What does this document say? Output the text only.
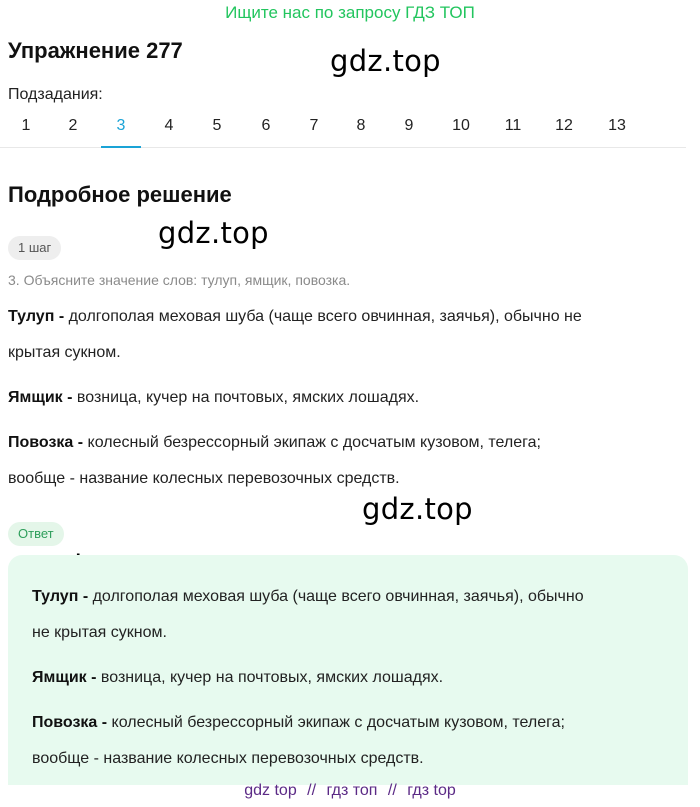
Ищите нас по запросу ГДЗ ТОП
Упражнение 277	gdz.top
gdz.top
gdz.top
Подзадания:
1	2	3	4	5	6	7	8	9	10	11	12	13
Подробное решение
1 шаг
3. Объясните значение слов: тулуп, ямщик, повозка.
Тулуп - долгополая меховая шуба (чаще всего овчинная, заячья), обычно не
крытая сукном.
Ямщик - возница, кучер на почтовых, ямских лошадях.
Повозка - колесный безрессорный экипаж с досчатым кузовом, телега;
вообще - название колесных перевозочных средств.
Ответ
Тулуп - долгополая меховая шуба (чаще всего овчинная, заячья), обычно
не крытая сукном.
Ямщик - возница, кучер на почтовых, ямских лошадях.
Повозка - колесный безрессорный экипаж с досчатым кузовом, телега;
вообще - название колесных перевозочных средств.
gdz top // гдз топ // гдз top
